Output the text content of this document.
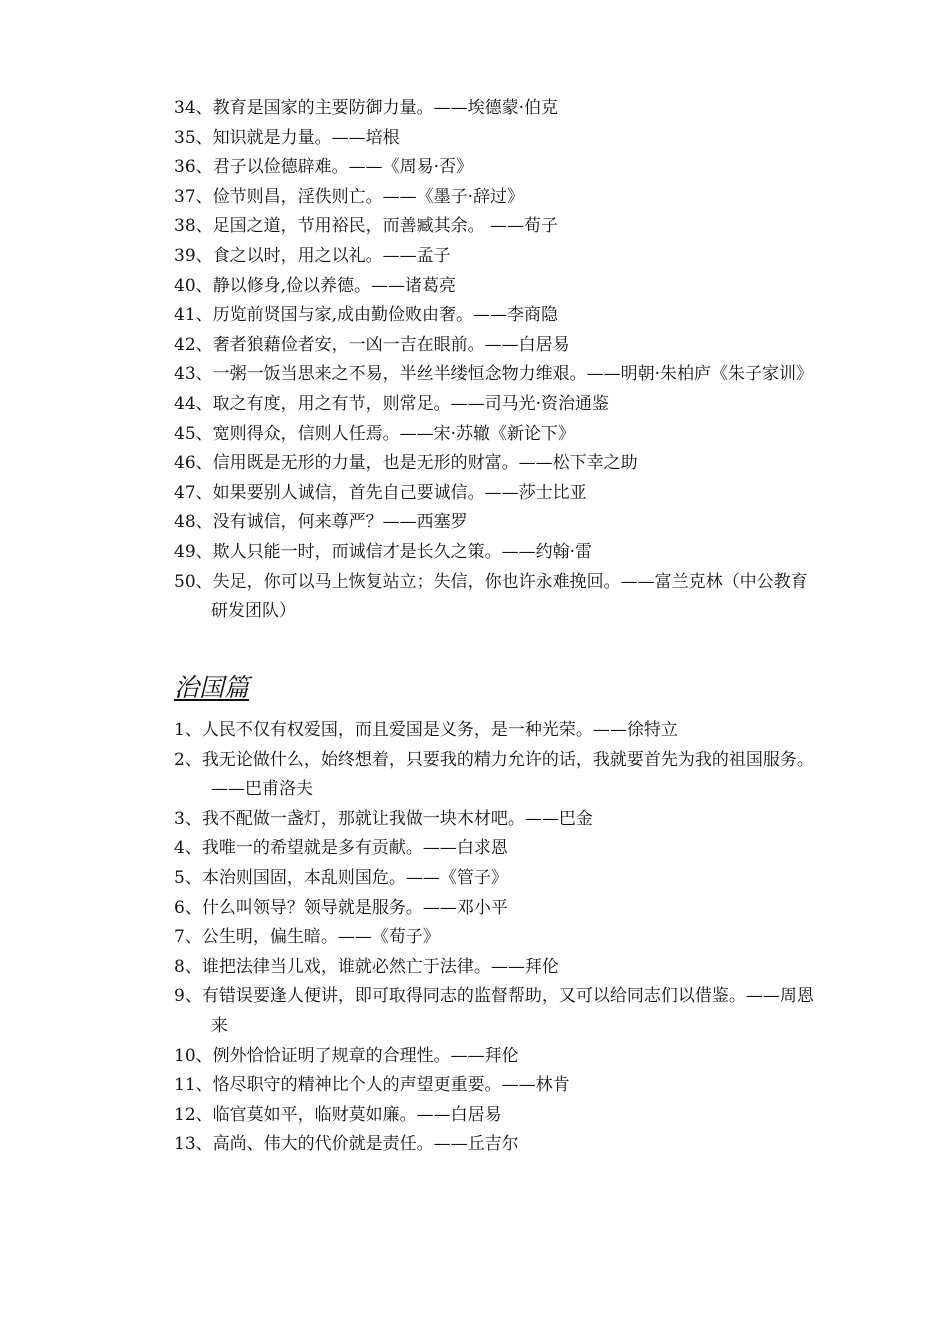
34、教育是国家的主要防御力量。——埃德蒙·伯克
35、知识就是力量。——培根
36、君子以俭德辟难。——《周易·否》
37、俭节则昌，淫佚则亡。——《墨子·辞过》
38、足国之道，节用裕民，而善臧其余。 ——荀子
39、食之以时，用之以礼。——孟子
40、静以修身,俭以养德。——诸葛亮
41、历览前贤国与家,成由勤俭败由奢。——李商隐
42、奢者狼藉俭者安，一凶一吉在眼前。——白居易
43、一粥一饭当思来之不易，半丝半缕恒念物力维艰。——明朝·朱柏庐《朱子家训》
44、取之有度，用之有节，则常足。——司马光·资治通鉴
45、宽则得众，信则人任焉。——宋·苏辙《新论下》
46、信用既是无形的力量，也是无形的财富。——松下幸之助
47、如果要别人诚信，首先自己要诚信。——莎士比亚
48、没有诚信，何来尊严？——西塞罗
49、欺人只能一时，而诚信才是长久之策。——约翰·雷
50、失足，你可以马上恢复站立；失信，你也许永难挽回。——富兰克林（中公教育研发团队）
治国篇
1、人民不仅有权爱国，而且爱国是义务，是一种光荣。——徐特立
2、我无论做什么，始终想着，只要我的精力允许的话，我就要首先为我的祖国服务。——巴甫洛夫
3、我不配做一盏灯，那就让我做一块木材吧。——巴金
4、我唯一的希望就是多有贡献。——白求恩
5、本治则国固，本乱则国危。——《管子》
6、什么叫领导？领导就是服务。——邓小平
7、公生明，偏生暗。——《荀子》
8、谁把法律当儿戏，谁就必然亡于法律。——拜伦
9、有错误要逢人便讲，即可取得同志的监督帮助，又可以给同志们以借鉴。——周恩来
10、例外恰恰证明了规章的合理性。——拜伦
11、恪尽职守的精神比个人的声望更重要。——林肯
12、临官莫如平，临财莫如廉。——白居易
13、高尚、伟大的代价就是责任。——丘吉尔
